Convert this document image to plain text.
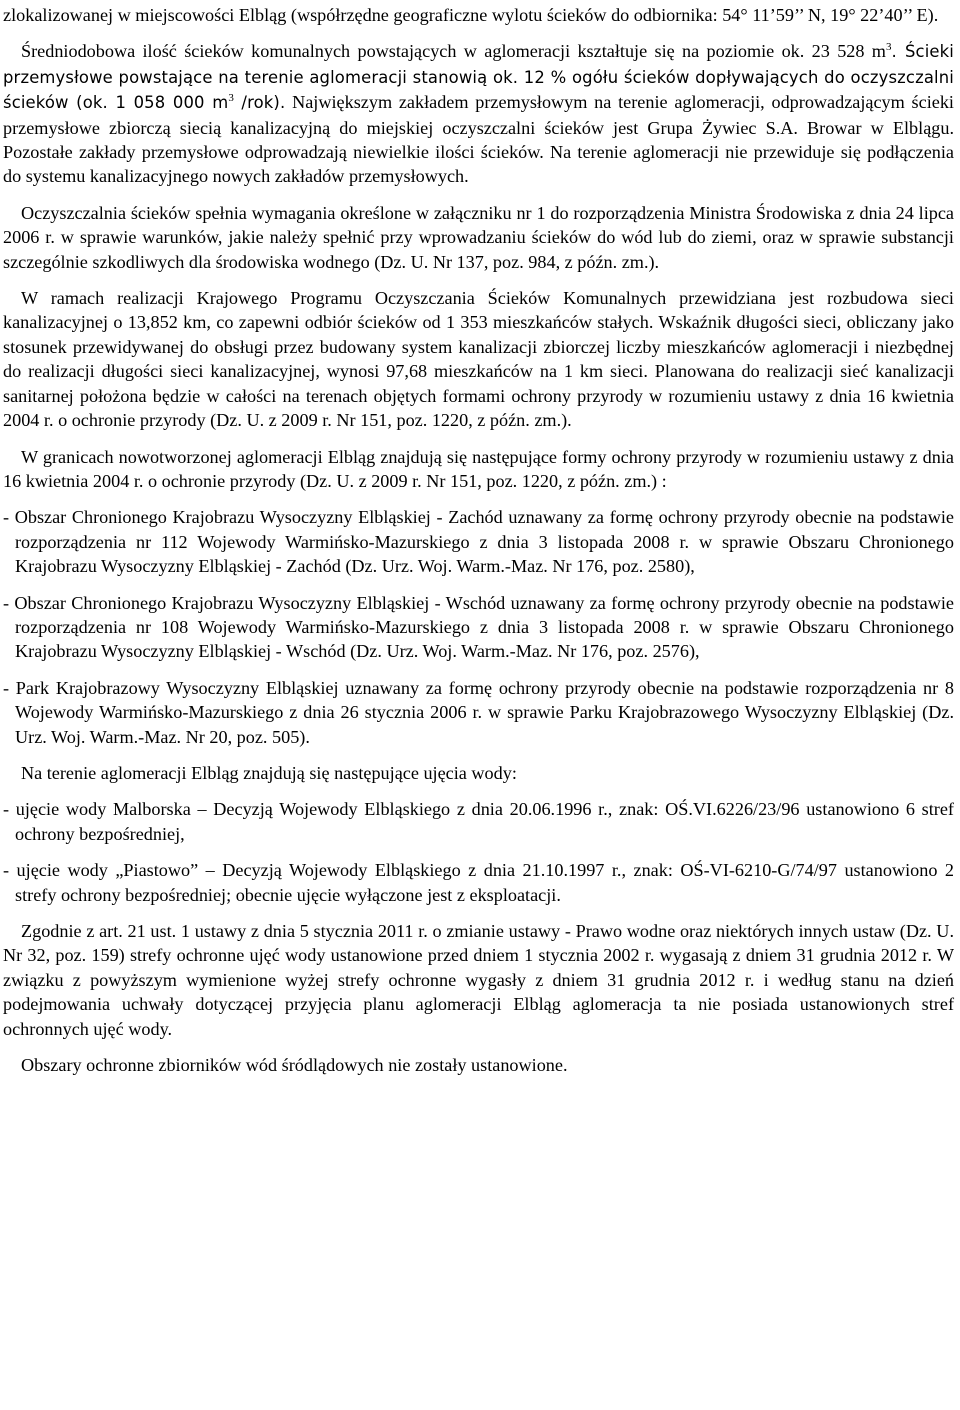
zlokalizowanej w miejscowości Elbląg (współrzędne geograficzne wylotu ścieków do odbiornika: 54° 11’59’’ N, 19° 22’40’’ E).

Średniodobowa ilość ścieków komunalnych powstających w aglomeracji kształtuje się na poziomie ok. 23 528 $m^3$. Ścieki przemysłowe powstające na terenie aglomeracji stanowią ok. 12 % ogółu ścieków dopływających do oczyszczalni ścieków (ok. 1 058 000 $m^3$ /rok). Największym zakładem przemysłowym na terenie aglomeracji, odprowadzającym ścieki przemysłowe zbiorczą siecią kanalizacyjną do miejskiej oczyszczalni ścieków jest Grupa Żywiec S.A. Browar w Elblągu. Pozostałe zakłady przemysłowe odprowadzają niewielkie ilości ścieków. Na terenie aglomeracji nie przewiduje się podłączenia do systemu kanalizacyjnego nowych zakładów przemysłowych.

Oczyszczalnia ścieków spełnia wymagania określone w załączniku nr 1 do rozporządzenia Ministra Środowiska z dnia 24 lipca 2006 r. w sprawie warunków, jakie należy spełnić przy wprowadzaniu ścieków do wód lub do ziemi, oraz w sprawie substancji szczególnie szkodliwych dla środowiska wodnego (Dz. U. Nr 137, poz. 984, z późn. zm.).

W ramach realizacji Krajowego Programu Oczyszczania Ścieków Komunalnych przewidziana jest rozbudowa sieci kanalizacyjnej o 13,852 km, co zapewni odbiór ścieków od 1 353 mieszkańców stałych. Wskaźnik długości sieci, obliczany jako stosunek przewidywanej do obsługi przez budowany system kanalizacji zbiorczej liczby mieszkańców aglomeracji i niezbędnej do realizacji długości sieci kanalizacyjnej, wynosi 97,68 mieszkańców na 1 km sieci. Planowana do realizacji sieć kanalizacji sanitarnej położona będzie w całości na terenach objętych formami ochrony przyrody w rozumieniu ustawy z dnia 16 kwietnia 2004 r. o ochronie przyrody (Dz. U. z 2009 r. Nr 151, poz. 1220, z późn. zm.).

W granicach nowotworzonej aglomeracji Elbląg znajdują się następujące formy ochrony przyrody w rozumieniu ustawy z dnia 16 kwietnia 2004 r. o ochronie przyrody (Dz. U. z 2009 r. Nr 151, poz. 1220, z późn. zm.) :

- Obszar Chronionego Krajobrazu Wysoczyzny Elbląskiej - Zachód uznawany za formę ochrony przyrody obecnie na podstawie rozporządzenia nr 112 Wojewody Warmińsko-Mazurskiego z dnia 3 listopada 2008 r. w sprawie Obszaru Chronionego Krajobrazu Wysoczyzny Elbląskiej - Zachód (Dz. Urz. Woj. Warm.-Maz. Nr 176, poz. 2580),

- Obszar Chronionego Krajobrazu Wysoczyzny Elbląskiej - Wschód uznawany za formę ochrony przyrody obecnie na podstawie rozporządzenia nr 108 Wojewody Warmińsko-Mazurskiego z dnia 3 listopada 2008 r. w sprawie Obszaru Chronionego Krajobrazu Wysoczyzny Elbląskiej - Wschód (Dz. Urz. Woj. Warm.-Maz. Nr 176, poz. 2576),

- Park Krajobrazowy Wysoczyzny Elbląskiej uznawany za formę ochrony przyrody obecnie na podstawie rozporządzenia nr 8 Wojewody Warmińsko-Mazurskiego z dnia 26 stycznia 2006 r. w sprawie Parku Krajobrazowego Wysoczyzny Elbląskiej (Dz. Urz. Woj. Warm.-Maz. Nr 20, poz. 505).

Na terenie aglomeracji Elbląg znajdują się następujące ujęcia wody:

- ujęcie wody Malborska – Decyzją Wojewody Elbląskiego z dnia 20.06.1996 r., znak: OŚ.VI.6226/23/96 ustanowiono 6 stref ochrony bezpośredniej,

- ujęcie wody „Piastowo” – Decyzją Wojewody Elbląskiego z dnia 21.10.1997 r., znak: OŚ-VI-6210-G/74/97 ustanowiono 2 strefy ochrony bezpośredniej; obecnie ujęcie wyłączone jest z eksploatacji.

Zgodnie z art. 21 ust. 1 ustawy z dnia 5 stycznia 2011 r. o zmianie ustawy - Prawo wodne oraz niektórych innych ustaw (Dz. U. Nr 32, poz. 159) strefy ochronne ujęć wody ustanowione przed dniem 1 stycznia 2002 r. wygasają z dniem 31 grudnia 2012 r. W związku z powyższym wymienione wyżej strefy ochronne wygasły z dniem 31 grudnia 2012 r. i według stanu na dzień podejmowania uchwały dotyczącej przyjęcia planu aglomeracji Elbląg aglomeracja ta nie posiada ustanowionych stref ochronnych ujęć wody.

Obszary ochronne zbiorników wód śródlądowych nie zostały ustanowione.
